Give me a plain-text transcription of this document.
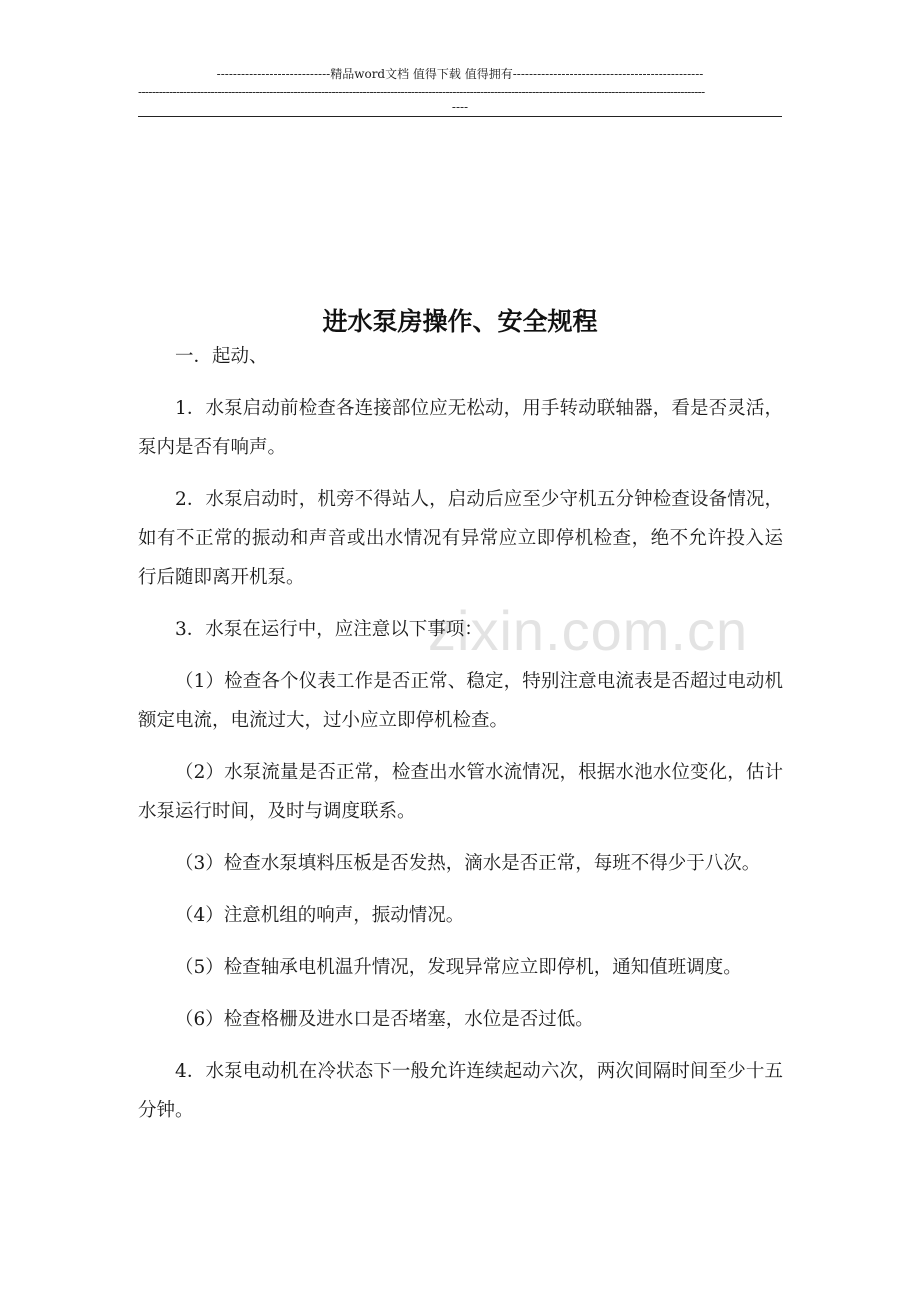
----------------------------精品word文档 值得下载 值得拥有-----------------------------------------------
--------------------------------------------------------------------------------------------------------------------------------------------------------------------
----
zixin.com.cn
进水泵房操作、安全规程

一．起动、

1．水泵启动前检查各连接部位应无松动，用手转动联轴器，看是否灵活，泵内是否有响声。

2．水泵启动时，机旁不得站人，启动后应至少守机五分钟检查设备情况，如有不正常的振动和声音或出水情况有异常应立即停机检查，绝不允许投入运行后随即离开机泵。

3．水泵在运行中，应注意以下事项：

（1）检查各个仪表工作是否正常、稳定，特别注意电流表是否超过电动机额定电流，电流过大，过小应立即停机检查。

（2）水泵流量是否正常，检查出水管水流情况，根据水池水位变化，估计水泵运行时间，及时与调度联系。

（3）检查水泵填料压板是否发热，滴水是否正常，每班不得少于八次。

（4）注意机组的响声，振动情况。

（5）检查轴承电机温升情况，发现异常应立即停机，通知值班调度。

（6）检查格栅及进水口是否堵塞，水位是否过低。

4．水泵电动机在冷状态下一般允许连续起动六次，两次间隔时间至少十五分钟。
